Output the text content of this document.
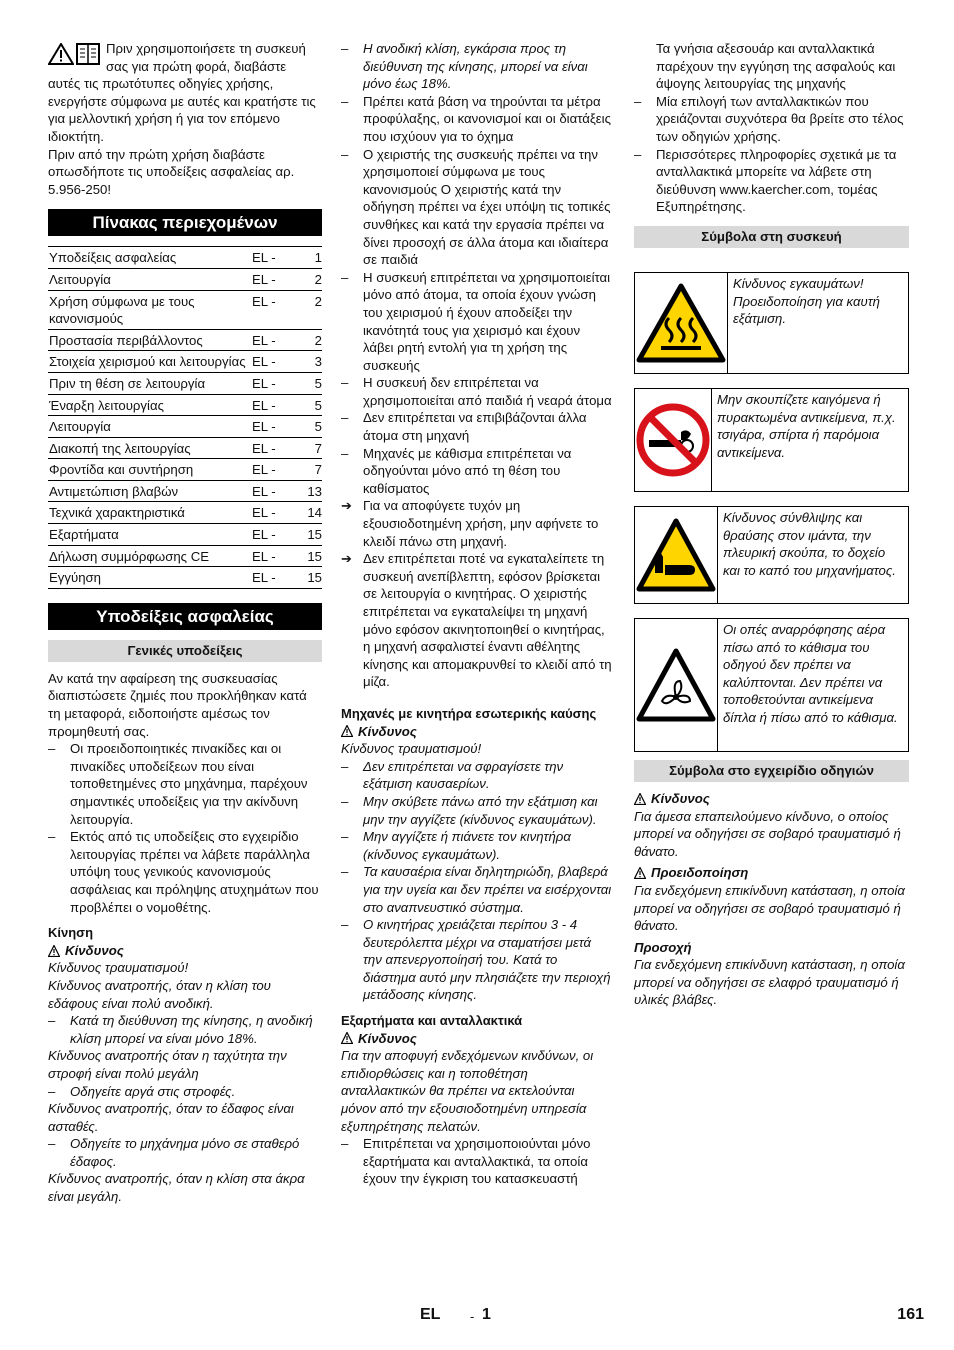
Πριν χρησιμοποιήσετε τη συσκευή σας για πρώτη φορά, διαβάστε αυτές τις πρωτότυπες οδηγίες χρήσης, ενεργήστε σύμφωνα με αυτές και κρατήστε τις για μελλοντική χρήση ή για τον επόμενο ιδιοκτήτη.

Πριν από την πρώτη χρήση διαβάστε οπωσδήποτε τις υποδείξεις ασφαλείας αρ. 5.956-250!

Πίνακας περιεχομένων
Υποδείξεις ασφαλείας	EL -	1
Λειτουργία	EL -	2
Χρήση σύμφωνα με τους κανονισμούς	EL -	2
Προστασία περιβάλλοντος	EL -	2
Στοιχεία χειρισμού και λειτουργίας	EL -	3
Πριν τη θέση σε λειτουργία	EL -	5
Έναρξη λειτουργίας	EL -	5
Λειτουργία	EL -	5
Διακοπή της λειτουργίας	EL -	7
Φροντίδα και συντήρηση	EL -	7
Αντιμετώπιση βλαβών	EL -	13
Τεχνικά χαρακτηριστικά	EL -	14
Εξαρτήματα	EL -	15
Δήλωση συμμόρφωσης CE	EL -	15
Εγγύηση	EL -	15
Υποδείξεις ασφαλείας
Γενικές υποδείξεις

Αν κατά την αφαίρεση της συσκευασίας διαπιστώσετε ζημιές που προκλήθηκαν κατά τη μεταφορά, ειδοποιήστε αμέσως τον προμηθευτή σας.

– Οι προειδοποιητικές πινακίδες και οι πινακίδες υποδείξεων που είναι τοποθετημένες στο μηχάνημα, παρέχουν σημαντικές υποδείξεις για την ακίνδυνη λειτουργία.
– Εκτός από τις υποδείξεις στο εγχειρίδιο λειτουργίας πρέπει να λάβετε παράλληλα υπόψη τους γενικούς κανονισμούς ασφάλειας και πρόληψης ατυχημάτων που προβλέπει ο νομοθέτης.

Κίνηση

Κίνδυνος

Κίνδυνος τραυματισμού!

Κίνδυνος ανατροπής, όταν η κλίση του εδάφους είναι πολύ ανοδική.

– Κατά τη διεύθυνση της κίνησης, η ανοδική κλίση μπορεί να είναι μόνο 18%.

Κίνδυνος ανατροπής όταν η ταχύτητα την στροφή είναι πολύ μεγάλη

– Οδηγείτε αργά στις στροφές.

Κίνδυνος ανατροπής, όταν το έδαφος είναι ασταθές.

– Οδηγείτε το μηχάνημα μόνο σε σταθερό έδαφος.

Κίνδυνος ανατροπής, όταν η κλίση στα άκρα είναι μεγάλη.

– Η ανοδική κλίση, εγκάρσια προς τη διεύθυνση της κίνησης, μπορεί να είναι μόνο έως 18%.
– Πρέπει κατά βάση να τηρούνται τα μέτρα προφύλαξης, οι κανονισμοί και οι διατάξεις που ισχύουν για το όχημα
– Ο χειριστής της συσκευής πρέπει να την χρησιμοποιεί σύμφωνα με τους κανονισμούς Ο χειριστής κατά την οδήγηση πρέπει να έχει υπόψη τις τοπικές συνθήκες και κατά την εργασία πρέπει να δίνει προσοχή σε άλλα άτομα και ιδιαίτερα σε παιδιά
– Η συσκευή επιτρέπεται να χρησιμοποιείται μόνο από άτομα, τα οποία έχουν γνώση του χειρισμού ή έχουν αποδείξει την ικανότητά τους για χειρισμό και έχουν λάβει ρητή εντολή για τη χρήση της συσκευής
– Η συσκευή δεν επιτρέπεται να χρησιμοποιείται από παιδιά ή νεαρά άτομα
– Δεν επιτρέπεται να επιβιβάζονται άλλα άτομα στη μηχανή
– Μηχανές με κάθισμα επιτρέπεται να οδηγούνται μόνο από τη θέση του καθίσματος
➔ Για να αποφύγετε τυχόν μη εξουσιοδοτημένη χρήση, μην αφήνετε το κλειδί πάνω στη μηχανή.
➔ Δεν επιτρέπεται ποτέ να εγκαταλείπετε τη συσκευή ανεπίβλεπτη, εφόσον βρίσκεται σε λειτουργία ο κινητήρας. Ο χειριστής επιτρέπεται να εγκαταλείψει τη μηχανή μόνο εφόσον ακινητοποιηθεί ο κινητήρας, η μηχανή ασφαλιστεί έναντι αθέλητης κίνησης και απομακρυνθεί το κλειδί από τη μίζα.

Μηχανές με κινητήρα εσωτερικής καύσης

Κίνδυνος

Κίνδυνος τραυματισμού!

– Δεν επιτρέπεται να σφραγίσετε την εξάτμιση καυσαερίων.
– Μην σκύβετε πάνω από την εξάτμιση και μην την αγγίζετε (κίνδυνος εγκαυμάτων).
– Μην αγγίζετε ή πιάνετε τον κινητήρα (κίνδυνος εγκαυμάτων).
– Τα καυσαέρια είναι δηλητηριώδη, βλαβερά για την υγεία και δεν πρέπει να εισέρχονται στο αναπνευστικό σύστημα.
– Ο κινητήρας χρειάζεται περίπου 3 - 4 δευτερόλεπτα μέχρι να σταματήσει μετά την απενεργοποίησή του. Κατά το διάστημα αυτό μην πλησιάζετε την περιοχή μετάδοσης κίνησης.

Εξαρτήματα και ανταλλακτικά

Κίνδυνος

Για την αποφυγή ενδεχόμενων κινδύνων, οι επιδιορθώσεις και η τοποθέτηση ανταλλακτικών θα πρέπει να εκτελούνται μόνον από την εξουσιοδοτημένη υπηρεσία εξυπηρέτησης πελατών.

– Επιτρέπεται να χρησιμοποιούνται μόνο εξαρτήματα και ανταλλακτικά, τα οποία έχουν την έγκριση του κατασκευαστή

Τα γνήσια αξεσουάρ και ανταλλακτικά παρέχουν την εγγύηση της ασφαλούς και άψογης λειτουργίας της μηχανής

– Μία επιλογή των ανταλλακτικών που χρειάζονται συχνότερα θα βρείτε στο τέλος των οδηγιών χρήσης.
– Περισσότερες πληροφορίες σχετικά με τα ανταλλακτικά μπορείτε να λάβετε στη διεύθυνση www.kaercher.com, τομέας Εξυπηρέτησης.
Σύμβολα στη συσκευή
Κίνδυνος εγκαυμάτων! Προειδοποίηση για καυτή εξάτμιση.
Μην σκουπίζετε καιγόμενα ή πυρακτωμένα αντικείμενα, π.χ. τσιγάρα, σπίρτα ή παρόμοια αντικείμενα.
Κίνδυνος σύνθλιψης και θραύσης στον ιμάντα, την πλευρική σκούπα, το δοχείο και το καπό του μηχανήματος.
Οι οπές αναρρόφησης αέρα πίσω από το κάθισμα του οδηγού δεν πρέπει να καλύπτονται. Δεν πρέπει να τοποθετούνται αντικείμενα δίπλα ή πίσω από το κάθισμα.
Σύμβολα στο εγχειρίδιο οδηγιών
Κίνδυνος

Για άμεσα επαπειλούμενο κίνδυνο, ο οποίος μπορεί να οδηγήσει σε σοβαρό τραυματισμό ή θάνατο.

Προειδοποίηση

Για ενδεχόμενη επικίνδυνη κατάσταση, η οποία μπορεί να οδηγήσει σε σοβαρό τραυματισμό ή θάνατο.

Προσοχή

Για ενδεχόμενη επικίνδυνη κατάσταση, η οποία μπορεί να οδηγήσει σε ελαφρό τραυματισμό ή υλικές βλάβες.

EL - 1	161
